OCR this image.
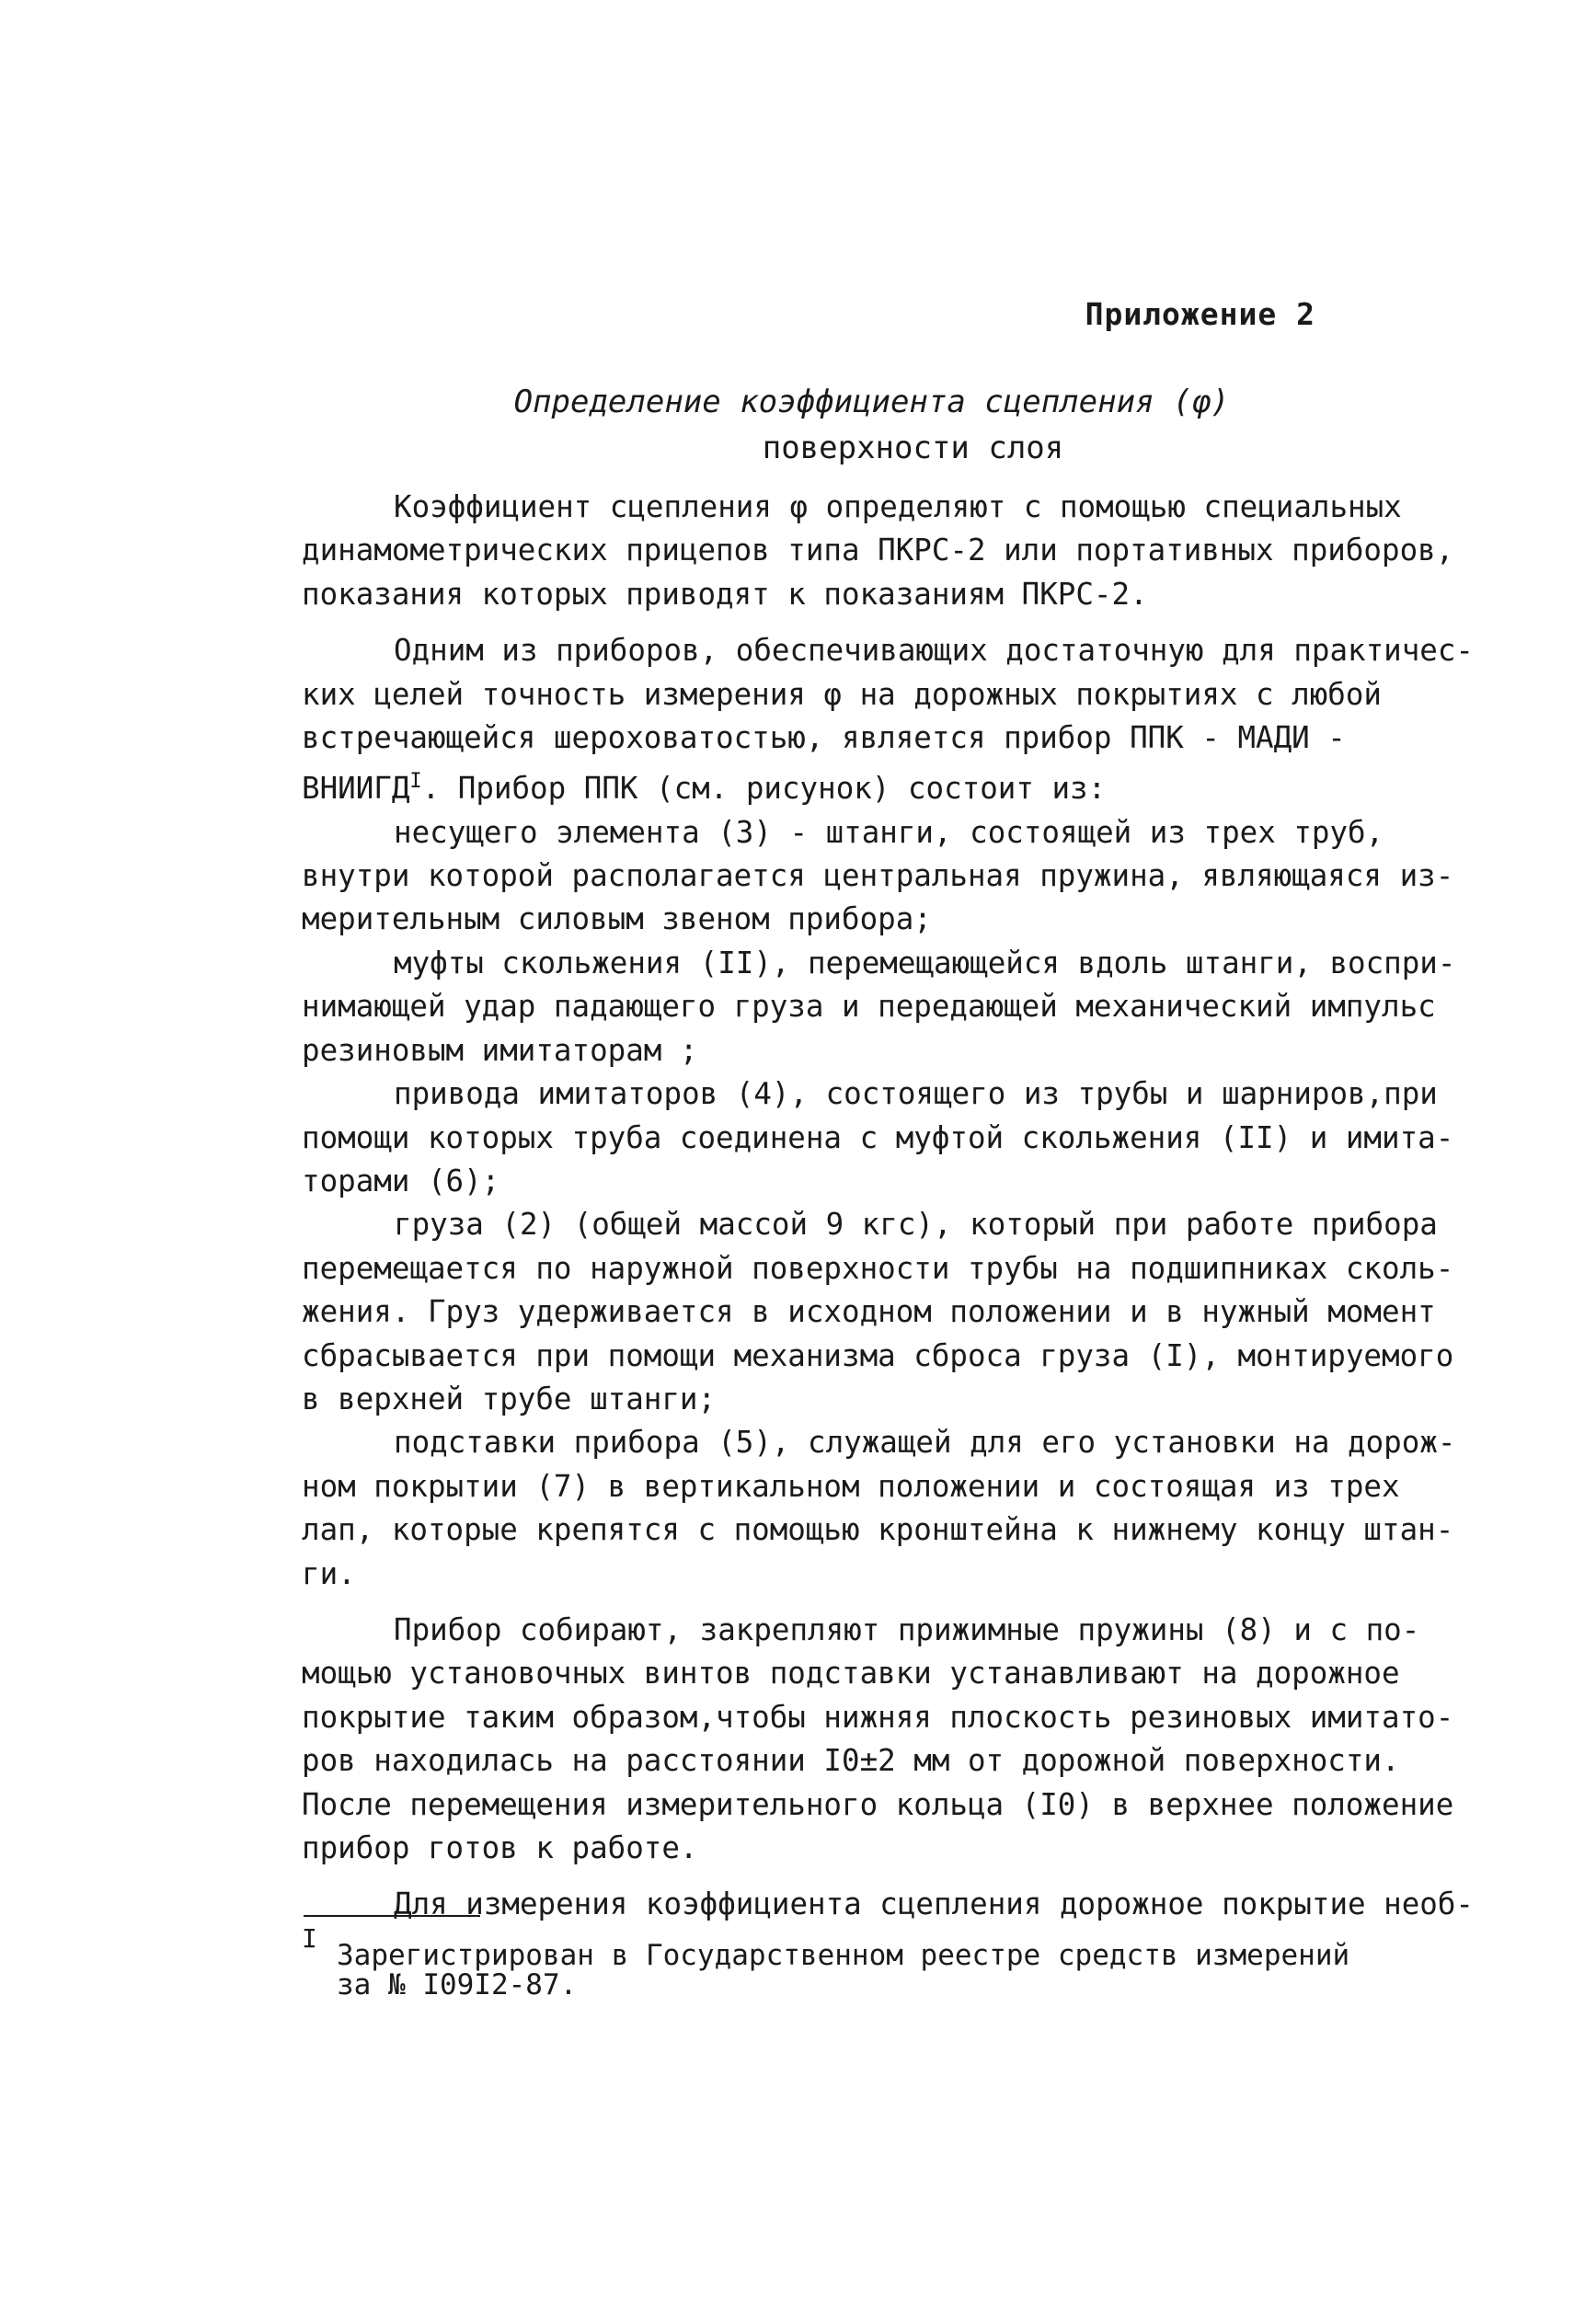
Приложение 2
Определение коэффициента сцепления (φ)
поверхности слоя
Коэффициент сцепления φ определяют с помощью специальных
динамометрических прицепов типа ПКРС-2 или портативных приборов,
показания которых приводят к показаниям ПКРС-2.
Одним из приборов, обеспечивающих достаточную для практичес-
ких целей точность измерения φ на дорожных покрытиях с любой
встречающейся шероховатостью, является прибор ППК - МАДИ -
$ВНИИГД^I$. Прибор ППК (см. рисунок) состоит из:
несущего элемента (3) - штанги, состоящей из трех труб,
внутри которой располагается центральная пружина, являющаяся из-
мерительным силовым звеном прибора;
муфты скольжения (II), перемещающейся вдоль штанги, воспри-
нимающей удар падающего груза и передающей механический импульс
резиновым имитаторам ;
привода имитаторов (4), состоящего из трубы и шарниров,при
помощи которых труба соединена с муфтой скольжения (II) и имита-
торами (6);
груза (2) (общей массой 9 кгс), который при работе прибора
перемещается по наружной поверхности трубы на подшипниках сколь-
жения. Груз удерживается в исходном положении и в нужный момент
сбрасывается при помощи механизма сброса груза (I), монтируемого
в верхней трубе штанги;
подставки прибора (5), служащей для его установки на дорож-
ном покрытии (7) в вертикальном положении и состоящая из трех
лап, которые крепятся с помощью кронштейна к нижнему концу штан-
ги.
Прибор собирают, закрепляют прижимные пружины (8) и с по-
мощью установочных винтов подставки устанавливают на дорожное
покрытие таким образом,чтобы нижняя плоскость резиновых имитато-
ров находилась на расстоянии I0±2 мм от дорожной поверхности.
После перемещения измерительного кольца (I0) в верхнее положение
прибор готов к работе.
Для измерения коэффициента сцепления дорожное покрытие необ-
I
Зарегистрирован в Государственном реестре средств измерений
за № I09I2-87.
